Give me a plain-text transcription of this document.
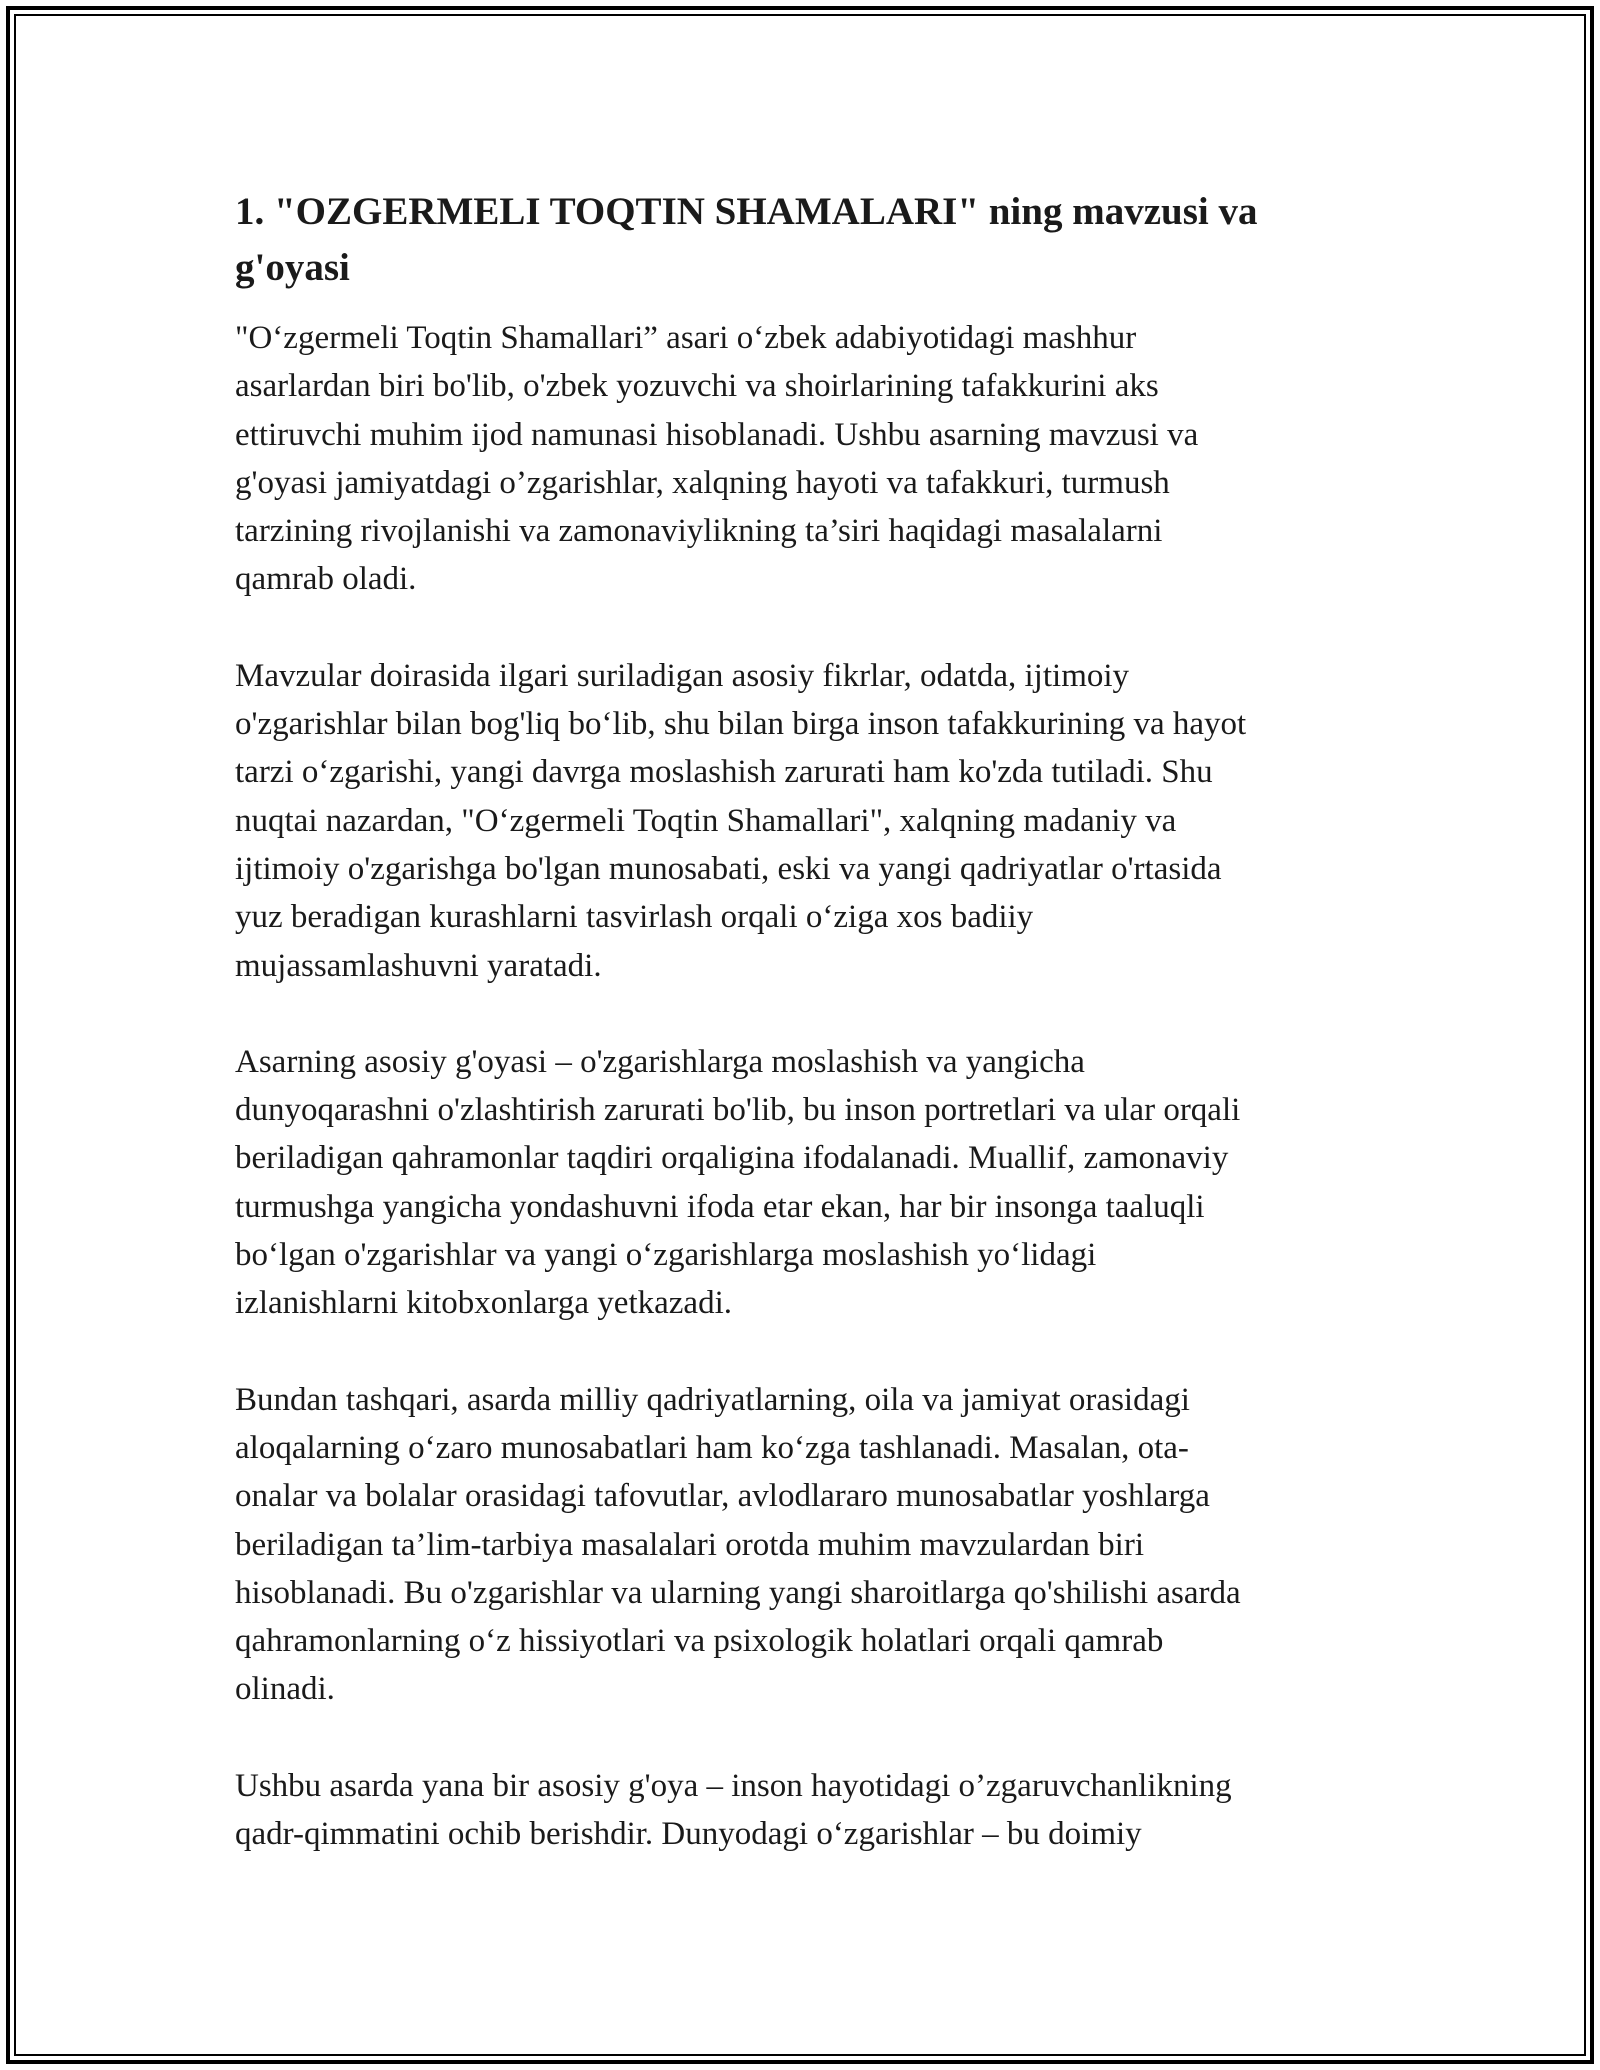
1. "OZGERMELI TOQTIN SHAMALARI" ning mavzusi va g'oyasi

"O‘zgermeli Toqtin Shamallari” asari o‘zbek adabiyotidagi mashhur
asarlardan biri bo'lib, o'zbek yozuvchi va shoirlarining tafakkurini aks
ettiruvchi muhim ijod namunasi hisoblanadi. Ushbu asarning mavzusi va
g'oyasi jamiyatdagi o’zgarishlar, xalqning hayoti va tafakkuri, turmush
tarzining rivojlanishi va zamonaviylikning ta’siri haqidagi masalalarni
qamrab oladi.

Mavzular doirasida ilgari suriladigan asosiy fikrlar, odatda, ijtimoiy
o'zgarishlar bilan bog'liq bo‘lib, shu bilan birga inson tafakkurining va hayot
tarzi o‘zgarishi, yangi davrga moslashish zarurati ham ko'zda tutiladi. Shu
nuqtai nazardan, "O‘zgermeli Toqtin Shamallari", xalqning madaniy va
ijtimoiy o'zgarishga bo'lgan munosabati, eski va yangi qadriyatlar o'rtasida
yuz beradigan kurashlarni tasvirlash orqali o‘ziga xos badiiy
mujassamlashuvni yaratadi.

Asarning asosiy g'oyasi – o'zgarishlarga moslashish va yangicha
dunyoqarashni o'zlashtirish zarurati bo'lib, bu inson portretlari va ular orqali
beriladigan qahramonlar taqdiri orqaligina ifodalanadi. Muallif, zamonaviy
turmushga yangicha yondashuvni ifoda etar ekan, har bir insonga taaluqli
bo‘lgan o'zgarishlar va yangi o‘zgarishlarga moslashish yo‘lidagi
izlanishlarni kitobxonlarga yetkazadi.

Bundan tashqari, asarda milliy qadriyatlarning, oila va jamiyat orasidagi
aloqalarning o‘zaro munosabatlari ham ko‘zga tashlanadi. Masalan, ota-
onalar va bolalar orasidagi tafovutlar, avlodlararo munosabatlar yoshlarga
beriladigan ta’lim-tarbiya masalalari orotda muhim mavzulardan biri
hisoblanadi. Bu o'zgarishlar va ularning yangi sharoitlarga qo'shilishi asarda
qahramonlarning o‘z hissiyotlari va psixologik holatlari orqali qamrab
olinadi.

Ushbu asarda yana bir asosiy g'oya – inson hayotidagi o’zgaruvchanlikning
qadr-qimmatini ochib berishdir. Dunyodagi o‘zgarishlar – bu doimiy
